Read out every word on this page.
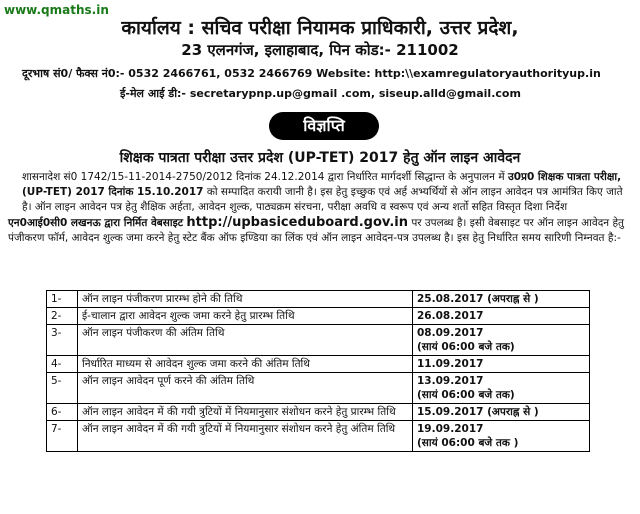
www.qmaths.in
कार्यालय : सचिव परीक्षा नियामक प्राधिकारी, उत्तर प्रदेश,
23 एलनगंज, इलाहाबाद, पिन कोड:- 211002
दूरभाष सं0/ फैक्स नं0:- 0532 2466761, 0532 2466769 Website: http:\\examregulatoryauthorityup.in
ई-मेल आई डी:- secretarypnp.up@gmail .com, siseup.alld@gmail.com
विज्ञप्ति
शिक्षक पात्रता परीक्षा उत्तर प्रदेश (UP-TET) 2017 हेतु ऑन लाइन आवेदन

शासनादेश सं0 1742/15-11-2014-2750/2012 दिनांक 24.12.2014 द्वारा निर्धारित मार्गदर्शी सिद्धान्त के अनुपालन में उ0प्र0 शिक्षक पात्रता परीक्षा, (UP-TET) 2017 दिनांक 15.10.2017 को सम्पादित करायी जानी है। इस हेतु इच्छुक एवं अर्ह अभ्यर्थियों से ऑन लाइन आवेदन पत्र आमंत्रित किए जाते है। ऑन लाइन आवेदन पत्र हेतु शैक्षिक अर्हता, आवेदन शुल्क, पाठ्यक्रम संरचना, परीक्षा अवधि व स्वरूप एवं अन्य शर्तो सहित विस्तृत दिशा निर्देश

एन0आई0सी0 लखनऊ द्वारा निर्मित वेबसाइट http://upbasiceduboard.gov.in पर उपलब्ध है। इसी वेबसाइट पर ऑन लाइन आवेदन हेतु पंजीकरण फॉर्म, आवेदन शुल्क जमा करने हेतु स्टेट बैंक ऑफ इण्डिया का लिंक एवं ऑन लाइन आवेदन-पत्र उपलब्ध है। इस हेतु निर्धारित समय सारिणी निम्नवत है:-

1-	ऑन लाइन पंजीकरण प्रारम्भ होने की तिथि	25.08.2017 (अपराह्न से )

2-	ई-चालान द्वारा आवेदन शुल्क जमा करने हेतु प्रारम्भ तिथि	26.08.2017

3-	ऑन लाइन पंजीकरण की अंतिम तिथि	08.09.2017
(सायं 06:00 बजे तक)

4-	निर्धारित माध्यम से आवेदन शुल्क जमा करने की अंतिम तिथि	11.09.2017

5-	ऑन लाइन आवेदन पूर्ण करने की अंतिम तिथि	13.09.2017
(सायं 06:00 बजे तक)

6-	ऑन लाइन आवेदन में की गयी त्रुटियों में नियमानुसार संशोधन करने हेतु प्रारम्भ तिथि	15.09.2017 (अपराह्न से )

7-	ऑन लाइन आवेदन में की गयी त्रुटियों में नियमानुसार संशोधन करने हेतु अंतिम तिथि	19.09.2017
(सायं 06:00 बजे तक )
